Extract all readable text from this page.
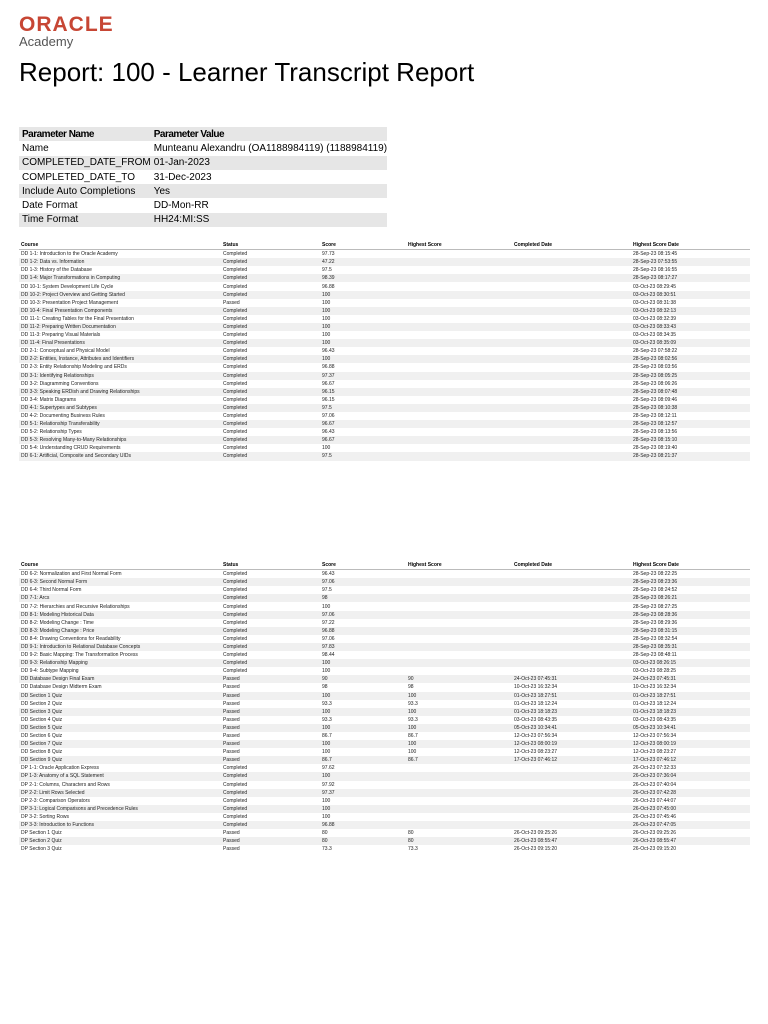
ORACLE
Academy
Report: 100 - Learner Transcript Report
Parameter Name	Parameter Value
Name	Munteanu Alexandru (OA1188984119) (1188984119)
COMPLETED_DATE_FROM	01-Jan-2023
COMPLETED_DATE_TO	31-Dec-2023
Include Auto Completions	Yes
Date Format	DD-Mon-RR
Time Format	HH24:MI:SS
Course	Status	Score	Highest Score	Completed Date	Highest Score Date
DD 1-1: Introduction to the Oracle Academy	Completed	97.73			28-Sep-23 08:15:45
DD 1-2: Data vs. Information	Completed	47.22			28-Sep-23 07:53:55
DD 1-3: History of the Database	Completed	97.5			28-Sep-23 08:16:55
DD 1-4: Major Transformations in Computing	Completed	98.39			28-Sep-23 08:17:27
DD 10-1: System Development Life Cycle	Completed	96.88			03-Oct-23 08:29:45
DD 10-2: Project Overview and Getting Started	Completed	100			03-Oct-23 08:30:51
DD 10-3: Presentation Project Management	Passed	100			03-Oct-23 08:31:38
DD 10-4: Final Presentation Components	Completed	100			03-Oct-23 08:32:13
DD 11-1: Creating Tables for the Final Presentation	Completed	100			03-Oct-23 08:32:39
DD 11-2: Preparing Written Documentation	Completed	100			03-Oct-23 08:33:43
DD 11-3: Preparing Visual Materials	Completed	100			03-Oct-23 08:34:35
DD 11-4: Final Presentations	Completed	100			03-Oct-23 08:35:09
DD 2-1: Conceptual and Physical Model	Completed	96.43			28-Sep-23 07:58:22
DD 2-2: Entities, Instance, Attributes and Identifiers	Completed	100			28-Sep-23 08:02:56
DD 2-3: Entity Relationship Modeling and ERDs	Completed	96.88			28-Sep-23 08:03:56
DD 3-1: Identifying Relationships	Completed	97.37			28-Sep-23 08:05:25
DD 3-2: Diagramming Conventions	Completed	96.67			28-Sep-23 08:06:26
DD 3-3: Speaking ERDish and Drawing Relationships	Completed	96.15			28-Sep-23 08:07:48
DD 3-4: Matrix Diagrams	Completed	96.15			28-Sep-23 08:09:46
DD 4-1: Supertypes and Subtypes	Completed	97.5			28-Sep-23 08:10:38
DD 4-2: Documenting Business Rules	Completed	97.06			28-Sep-23 08:12:11
DD 5-1: Relationship Transferability	Completed	96.67			28-Sep-23 08:12:57
DD 5-2: Relationship Types	Completed	96.43			28-Sep-23 08:13:56
DD 5-3: Resolving Many-to-Many Relationships	Completed	96.67			28-Sep-23 08:15:10
DD 5-4: Understanding CRUD Requirements	Completed	100			28-Sep-23 08:19:40
DD 6-1: Artificial, Composite and Secondary UIDs	Completed	97.5			28-Sep-23 08:21:37
Course	Status	Score	Highest Score	Completed Date	Highest Score Date
DD 6-2: Normalization and First Normal Form	Completed	96.43			28-Sep-23 08:22:25
DD 6-3: Second Normal Form	Completed	97.06			28-Sep-23 08:23:36
DD 6-4: Third Normal Form	Completed	97.5			28-Sep-23 08:24:52
DD 7-1: Arcs	Completed	98			28-Sep-23 08:26:21
DD 7-2: Hierarchies and Recursive Relationships	Completed	100			28-Sep-23 08:27:25
DD 8-1: Modeling Historical Data	Completed	97.06			28-Sep-23 08:28:36
DD 8-2: Modeling Change : Time	Completed	97.22			28-Sep-23 08:29:36
DD 8-3: Modeling Change : Price	Completed	96.88			28-Sep-23 08:31:15
DD 8-4: Drawing Conventions for Readability	Completed	97.06			28-Sep-23 08:32:54
DD 9-1: Introduction to Relational Database Concepts	Completed	97.83			28-Sep-23 08:35:31
DD 9-2: Basic Mapping: The Transformation Process	Completed	98.44			28-Sep-23 08:48:11
DD 9-3: Relationship Mapping	Completed	100			03-Oct-23 08:26:15
DD 9-4: Subtype Mapping	Completed	100			03-Oct-23 08:28:25
DD Database Design Final Exam	Passed	90	90	24-Oct-23 07:45:31	24-Oct-23 07:45:31
DD Database Design Midterm Exam	Passed	98	98	10-Oct-23 16:32:34	10-Oct-23 16:32:34
DD Section 1 Quiz	Passed	100	100	01-Oct-23 18:27:51	01-Oct-23 18:27:51
DD Section 2 Quiz	Passed	93.3	93.3	01-Oct-23 18:12:24	01-Oct-23 18:12:24
DD Section 3 Quiz	Passed	100	100	01-Oct-23 18:18:23	01-Oct-23 18:18:23
DD Section 4 Quiz	Passed	93.3	93.3	03-Oct-23 08:43:35	03-Oct-23 08:43:35
DD Section 5 Quiz	Passed	100	100	05-Oct-23 10:34:41	05-Oct-23 10:34:41
DD Section 6 Quiz	Passed	86.7	86.7	12-Oct-23 07:56:34	12-Oct-23 07:56:34
DD Section 7 Quiz	Passed	100	100	12-Oct-23 08:00:19	12-Oct-23 08:00:19
DD Section 8 Quiz	Passed	100	100	12-Oct-23 08:23:27	12-Oct-23 08:23:27
DD Section 9 Quiz	Passed	86.7	86.7	17-Oct-23 07:46:12	17-Oct-23 07:46:12
DP 1-1: Oracle Application Express	Completed	97.62			26-Oct-23 07:32:33
DP 1-3: Anatomy of a SQL Statement	Completed	100			26-Oct-23 07:36:04
DP 2-1: Columns, Characters and Rows	Completed	97.92			26-Oct-23 07:40:04
DP 2-2: Limit Rows Selected	Completed	97.37			26-Oct-23 07:42:28
DP 2-3: Comparison Operators	Completed	100			26-Oct-23 07:44:07
DP 3-1: Logical Comparisons and Precedence Rules	Completed	100			26-Oct-23 07:45:00
DP 3-2: Sorting Rows	Completed	100			26-Oct-23 07:45:46
DP 3-3: Introduction to Functions	Completed	96.88			26-Oct-23 07:47:05
DP Section 1 Quiz	Passed	80	80	26-Oct-23 09:25:26	26-Oct-23 09:25:26
DP Section 2 Quiz	Passed	80	80	26-Oct-23 08:55:47	26-Oct-23 08:55:47
DP Section 3 Quiz	Passed	73.3	73.3	26-Oct-23 09:15:20	26-Oct-23 09:15:20
